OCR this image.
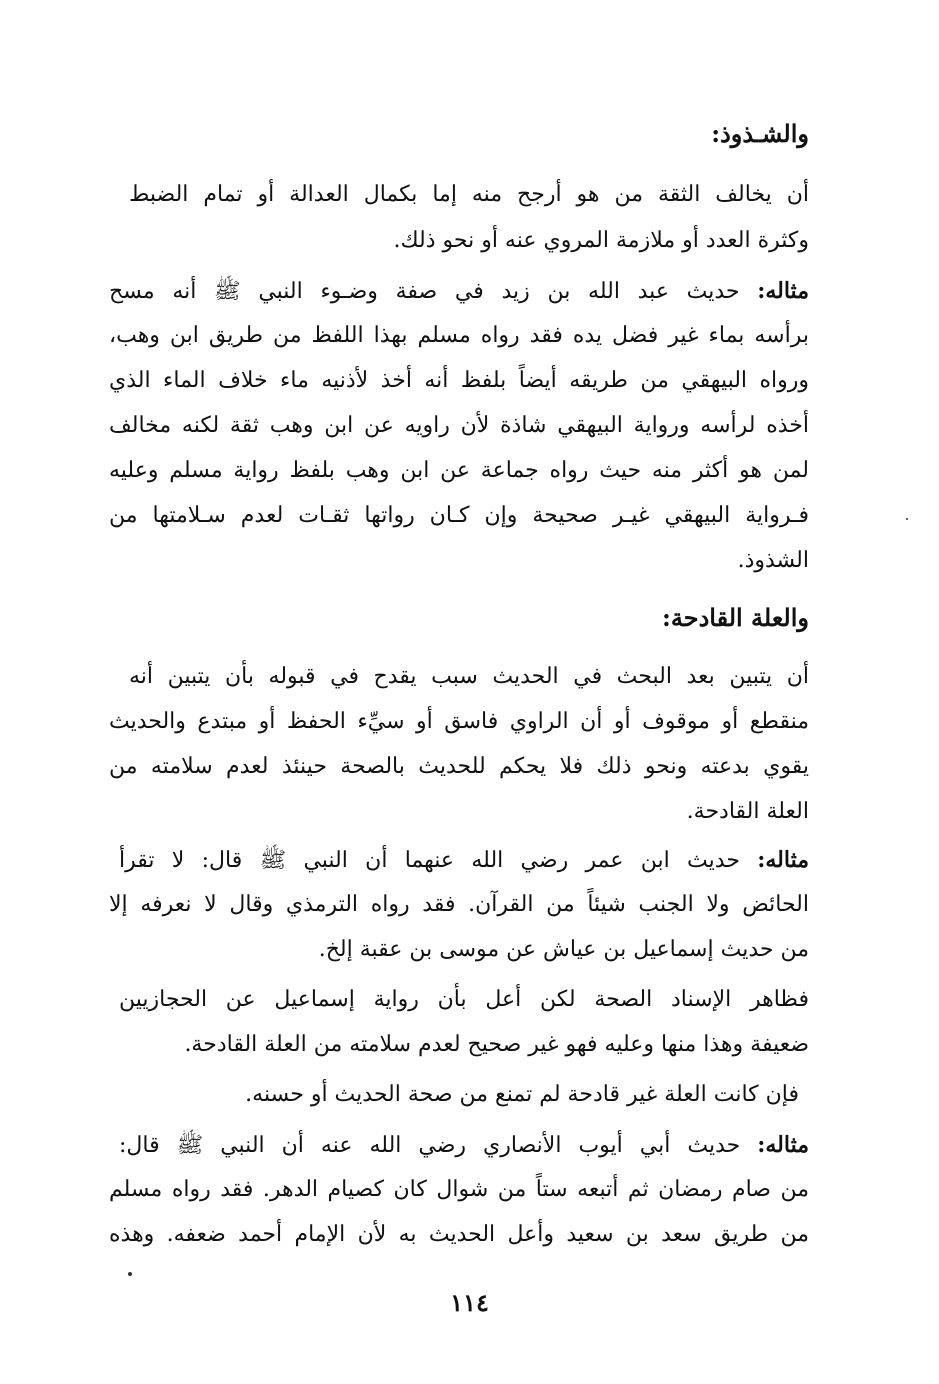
والشـذوذ:
أن يخالف الثقة من هو أرجح منه إما بكمال العدالة أو تمام الضبط
وكثرة العدد أو ملازمة المروي عنه أو نحو ذلك.
مثاله: حديث عبد الله بن زيد في صفة وضـوء النبي ﷺ أنه مسح
برأسه بماء غير فضل يده فقد رواه مسلم بهذا اللفظ من طريق ابن وهب،
ورواه البيهقي من طريقه أيضاً بلفظ أنه أخذ لأذنيه ماء خلاف الماء الذي
أخذه لرأسه ورواية البيهقي شاذة لأن راويه عن ابن وهب ثقة لكنه مخالف
لمن هو أكثر منه حيث رواه جماعة عن ابن وهب بلفظ رواية مسلم وعليه
فـرواية البيهقي غيـر صحيحة وإن كـان رواتها ثقـات لعدم سـلامتها من
الشذوذ.
والعلة القادحة:
أن يتبين بعد البحث في الحديث سبب يقدح في قبوله بأن يتبين أنه
منقطع أو موقوف أو أن الراوي فاسق أو سيِّء الحفظ أو مبتدع والحديث
يقوي بدعته ونحو ذلك فلا يحكم للحديث بالصحة حينئذ لعدم سلامته من
العلة القادحة.
مثاله: حديث ابن عمر رضي الله عنهما أن النبي ﷺ قال: لا تقرأ
الحائض ولا الجنب شيئاً من القرآن. فقد رواه الترمذي وقال لا نعرفه إلا
من حديث إسماعيل بن عياش عن موسى بن عقبة إلخ.
فظاهر الإسناد الصحة لكن أعل بأن رواية إسماعيل عن الحجازيين
ضعيفة وهذا منها وعليه فهو غير صحيح لعدم سلامته من العلة القادحة.
فإن كانت العلة غير قادحة لم تمنع من صحة الحديث أو حسنه.
مثاله: حديث أبي أيوب الأنصاري رضي الله عنه أن النبي ﷺ قال:
من صام رمضان ثم أتبعه ستاً من شوال كان كصيام الدهر. فقد رواه مسلم
من طريق سعد بن سعيد وأعل الحديث به لأن الإمام أحمد ضعفه. وهذه
١١٤
